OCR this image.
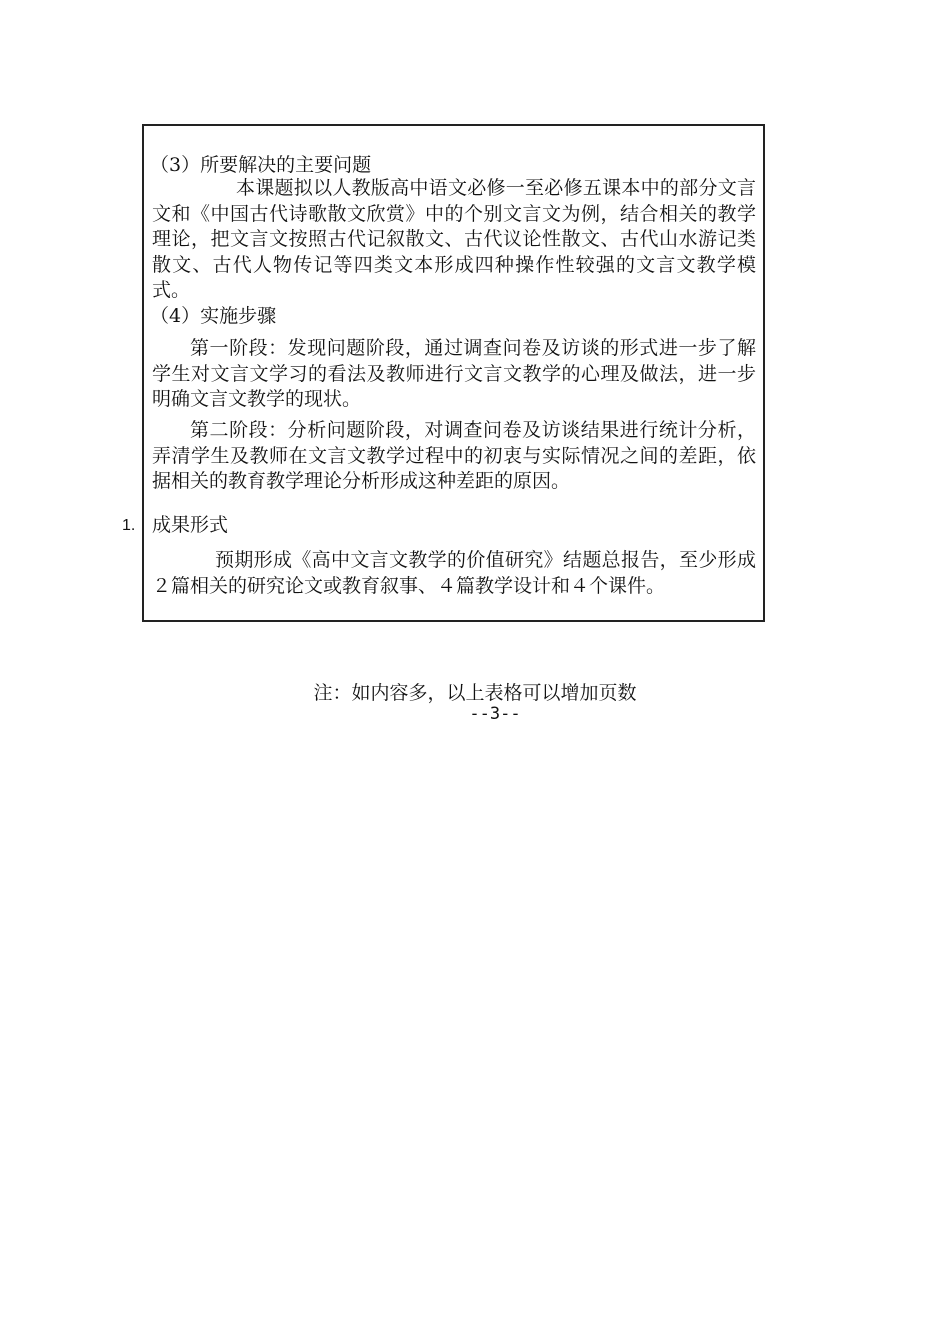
（3）所要解决的主要问题

本课题拟以人教版高中语文必修一至必修五课本中的部分文言文和《中国古代诗歌散文欣赏》中的个别文言文为例，结合相关的教学理论，把文言文按照古代记叙散文、古代议论性散文、古代山水游记类散文、古代人物传记等四类文本形成四种操作性较强的文言文教学模式。

（4）实施步骤

第一阶段：发现问题阶段，通过调查问卷及访谈的形式进一步了解学生对文言文学习的看法及教师进行文言文教学的心理及做法，进一步明确文言文教学的现状。

第二阶段：分析问题阶段，对调查问卷及访谈结果进行统计分析，弄清学生及教师在文言文教学过程中的初衷与实际情况之间的差距，依据相关的教育教学理论分析形成这种差距的原因。

1. 成果形式

预期形成《高中文言文教学的价值研究》结题总报告，至少形成２篇相关的研究论文或教育叙事、４篇教学设计和４个课件。

注：如内容多，以上表格可以增加页数
--3--
